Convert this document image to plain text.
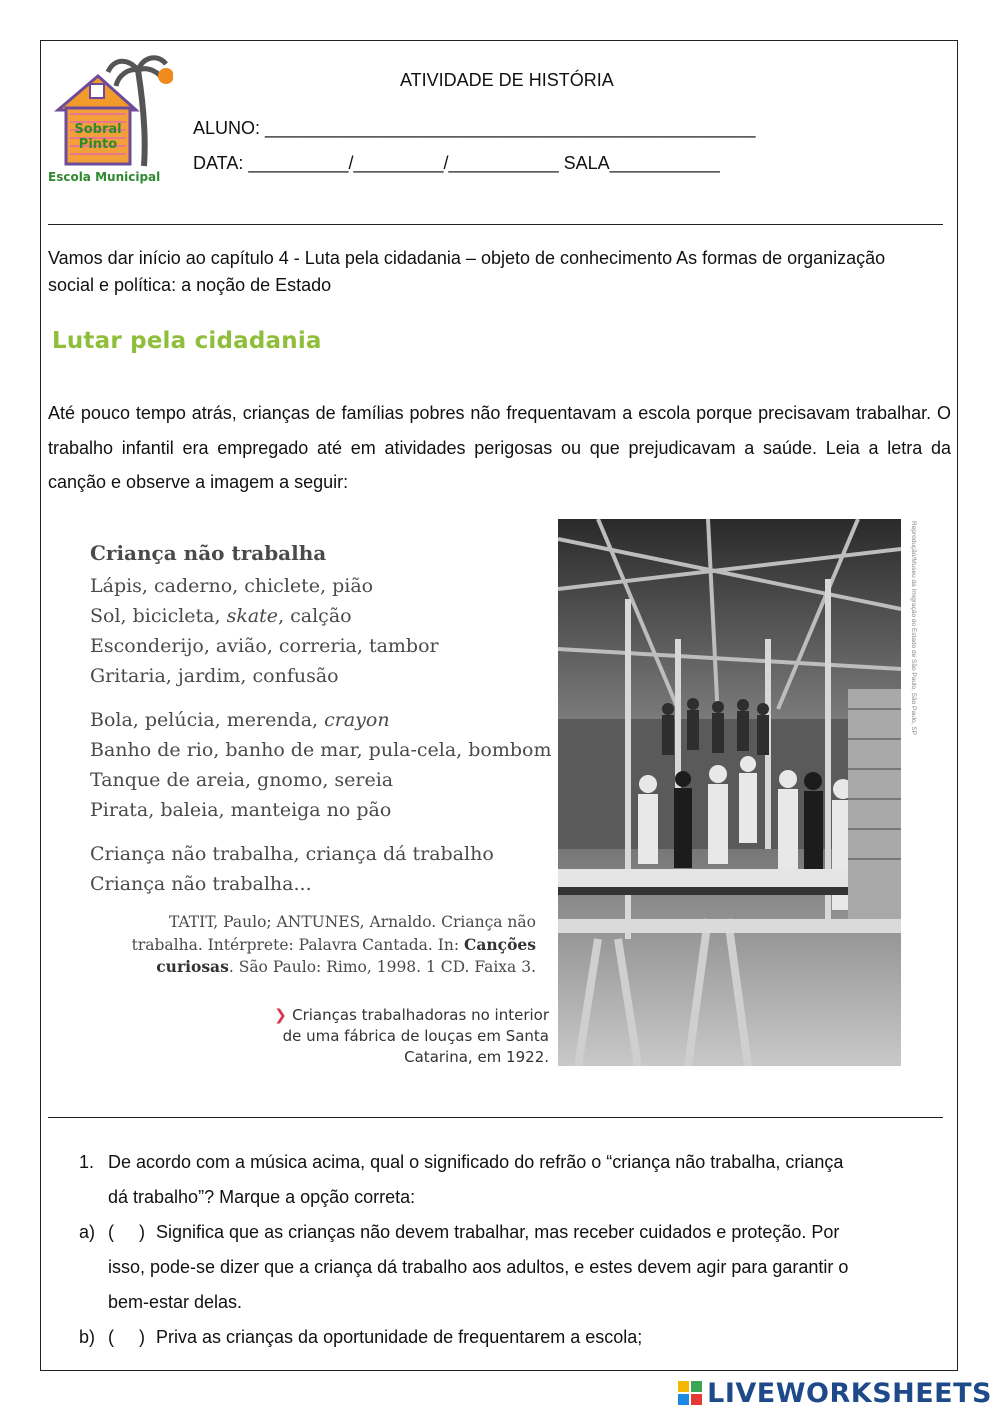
Sobral
Pinto
Escola Municipal
ATIVIDADE DE HISTÓRIA
ALUNO: _________________________________________________
DATA: __________/_________/___________ SALA___________
Vamos dar início ao capítulo 4 - Luta pela cidadania – objeto de conhecimento As formas de organização social e política: a noção de Estado
Lutar pela cidadania
Até pouco tempo atrás, crianças de famílias pobres não frequentavam a escola porque precisavam trabalhar. O trabalho infantil era empregado até em atividades perigosas ou que prejudicavam a saúde. Leia a letra da canção e observe a imagem a seguir:
Criança não trabalha
Lápis, caderno, chiclete, pião
Sol, bicicleta, skate, calção
Esconderijo, avião, correria, tambor
Gritaria, jardim, confusão
Bola, pelúcia, merenda, crayon
Banho de rio, banho de mar, pula-cela, bombom
Tanque de areia, gnomo, sereia
Pirata, baleia, manteiga no pão
Criança não trabalha, criança dá trabalho
Criança não trabalha...
TATIT, Paulo; ANTUNES, Arnaldo. Criança não
trabalha. Intérprete: Palavra Cantada. In: Canções
curiosas. São Paulo: Rimo, 1998. 1 CD. Faixa 3.
❯ Crianças trabalhadoras no interior
de uma fábrica de louças em Santa
Catarina, em 1922.
Reprodução/Museu da Imigração do Estado de São Paulo, São Paulo, SP
1. De acordo com a música acima, qual o significado do refrão o “criança não trabalha, criança
dá trabalho”? Marque a opção correta:
a) (     ) Significa que as crianças não devem trabalhar, mas receber cuidados e proteção. Por
isso, pode-se dizer que a criança dá trabalho aos adultos, e estes devem agir para garantir o
bem-estar delas.
b) (     ) Priva as crianças da oportunidade de frequentarem a escola;
LIVEWORKSHEETS
